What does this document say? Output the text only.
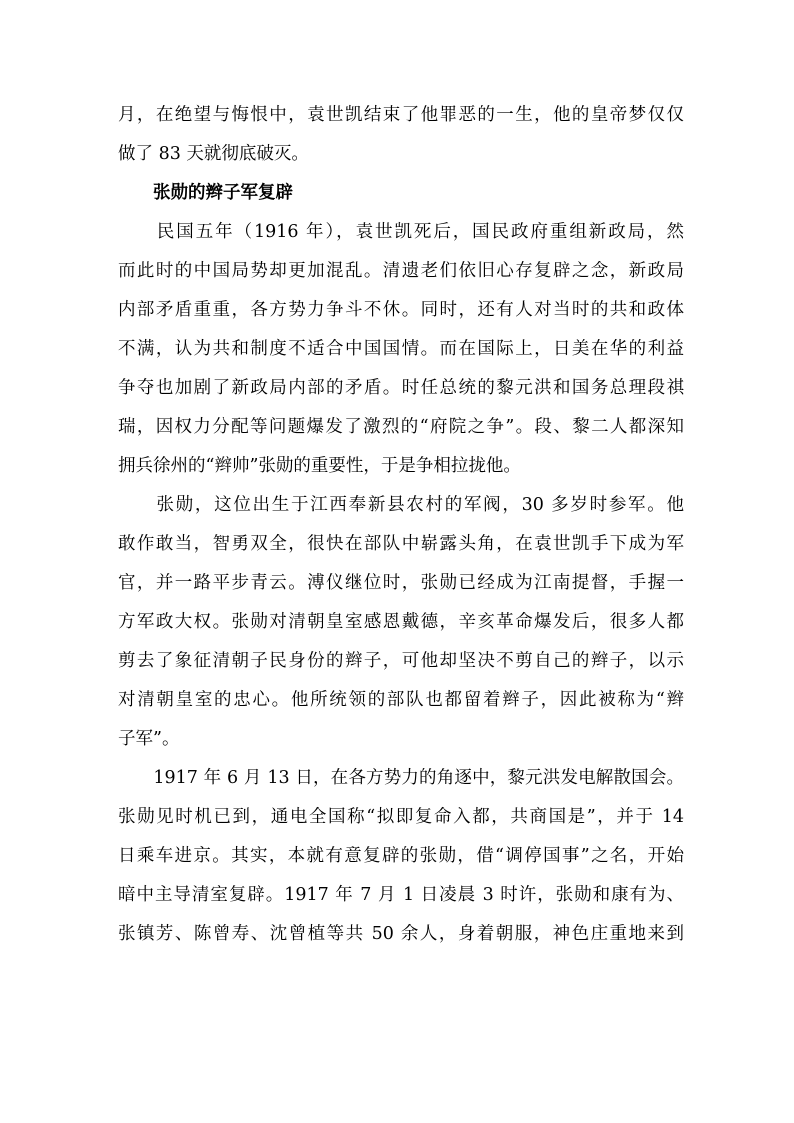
月，在绝望与悔恨中，袁世凯结束了他罪恶的一生，他的皇帝梦仅仅
做了 83 天就彻底破灭。
　　张勋的辫子军复辟
　　民国五年（1916 年），袁世凯死后，国民政府重组新政局，然
而此时的中国局势却更加混乱。清遗老们依旧心存复辟之念，新政局
内部矛盾重重，各方势力争斗不休。同时，还有人对当时的共和政体
不满，认为共和制度不适合中国国情。而在国际上，日美在华的利益
争夺也加剧了新政局内部的矛盾。时任总统的黎元洪和国务总理段祺
瑞，因权力分配等问题爆发了激烈的“府院之争”。段、黎二人都深知
拥兵徐州的“辫帅”张勋的重要性，于是争相拉拢他。
　　张勋，这位出生于江西奉新县农村的军阀，30 多岁时参军。他
敢作敢当，智勇双全，很快在部队中崭露头角，在袁世凯手下成为军
官，并一路平步青云。溥仪继位时，张勋已经成为江南提督，手握一
方军政大权。张勋对清朝皇室感恩戴德，辛亥革命爆发后，很多人都
剪去了象征清朝子民身份的辫子，可他却坚决不剪自己的辫子，以示
对清朝皇室的忠心。他所统领的部队也都留着辫子，因此被称为“辫
子军”。
　　1917 年 6 月 13 日，在各方势力的角逐中，黎元洪发电解散国会。
张勋见时机已到，通电全国称“拟即复命入都，共商国是”，并于 14
日乘车进京。其实，本就有意复辟的张勋，借“调停国事”之名，开始
暗中主导清室复辟。1917 年 7 月 1 日凌晨 3 时许，张勋和康有为、
张镇芳、陈曾寿、沈曾植等共 50 余人，身着朝服，神色庄重地来到
